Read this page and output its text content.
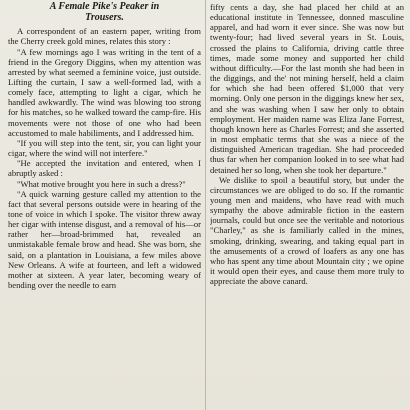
A Female Pike's Peaker in
Trousers.

A correspondent of an eastern paper, writing from the Cherry creek gold mines, relates this story :

"A few mornings ago I was writing in the tent of a friend in the Gregory Diggins, when my attention was arrested by what seemed a feminine voice, just outside. Lifting the curtain, I saw a well-formed lad, with a comely face, attempting to light a cigar, which he handled awkwardly. The wind was blowing too strong for his matches, so he walked toward the camp-fire. His movements were not those of one who had been accustomed to male habiliments, and I addressed him.

"If you will step into the tent, sir, you can light your cigar, where the wind will not interfere."

"He accepted the invitation and entered, when I abruptly asked :

"What motive brought you here in such a dress?"

"A quick warning gesture called my attention to the fact that several persons outside were in hearing of the tone of voice in which I spoke. The visitor threw away her cigar with intense disgust, and a removal of his—or rather her—broad-brimmed hat, revealed an unmistakable female brow and head. She was born, she said, on a plantation in Louisiana, a few miles above New Orleans. A wife at fourteen, and left a widowed mother at sixteen. A year later, becoming weary of bending over the needle to earn

fifty cents a day, she had placed her child at an educational institute in Tennessee, donned masculine apparel, and had worn it ever since. She was now but twenty-four; had lived several years in St. Louis, crossed the plains to California, driving cattle three times, made some money and supported her child without difficulty.—For the last month she had been in the diggings, and the' not mining herself, held a claim for which she had been offered $1,000 that very morning. Only one person in the diggings knew her sex, and she was washing when I saw her only to obtain employment. Her maiden name was Eliza Jane Forrest, though known here as Charles Forrest; and she asserted in most emphatic terms that she was a niece of the distinguished American tragedian. She had proceeded thus far when her companion looked in to see what had detained her so long, when she took her departure."

We dislike to spoil a beautiful story, but under the circumstances we are obliged to do so. If the romantic young men and maidens, who have read with much sympathy the above admirable fiction in the eastern journals, could but once see the veritable and notorious "Charley," as she is familiarly called in the mines, smoking, drinking, swearing, and taking equal part in the amusements of a crowd of loafers as any one has who has spent any time about Mountain city ; we opine it would open their eyes, and cause them more truly to appreciate the above canard.
